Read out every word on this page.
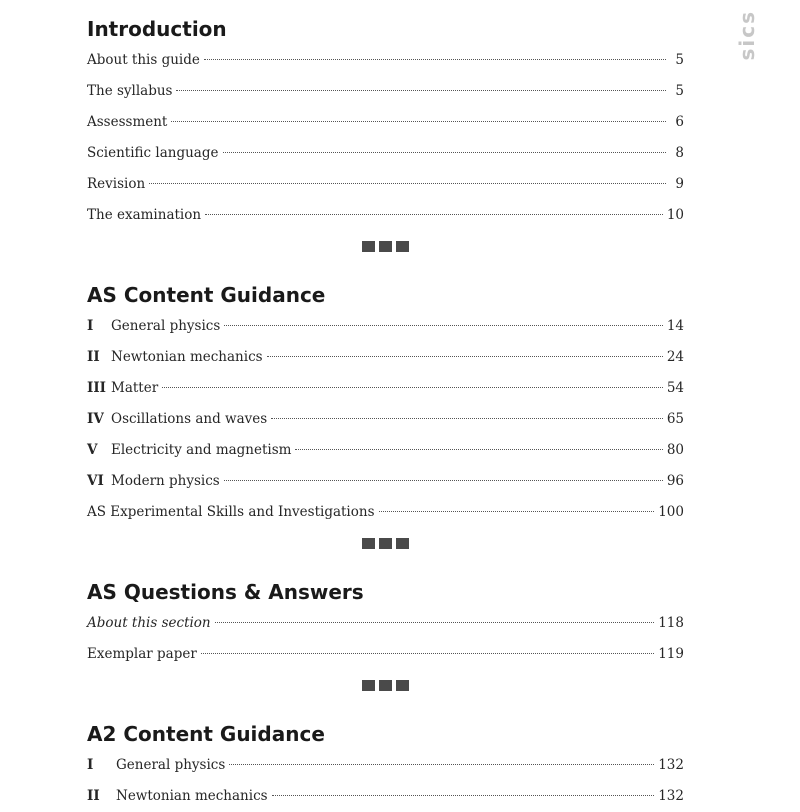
sics
Introduction
About this guide	5
The syllabus	5
Assessment	6
Scientific language	8
Revision	9
The examination	10
AS Content Guidance
I	General physics	14
II Newtonian mechanics	24
III Matter	54
IV Oscillations and waves	65
V	Electricity and magnetism	80
VI Modern physics	96
AS Experimental Skills and Investigations	100
AS Questions & Answers
About this section	118
Exemplar paper	119
A2 Content Guidance
I	General physics	132
II	Newtonian mechanics	132
